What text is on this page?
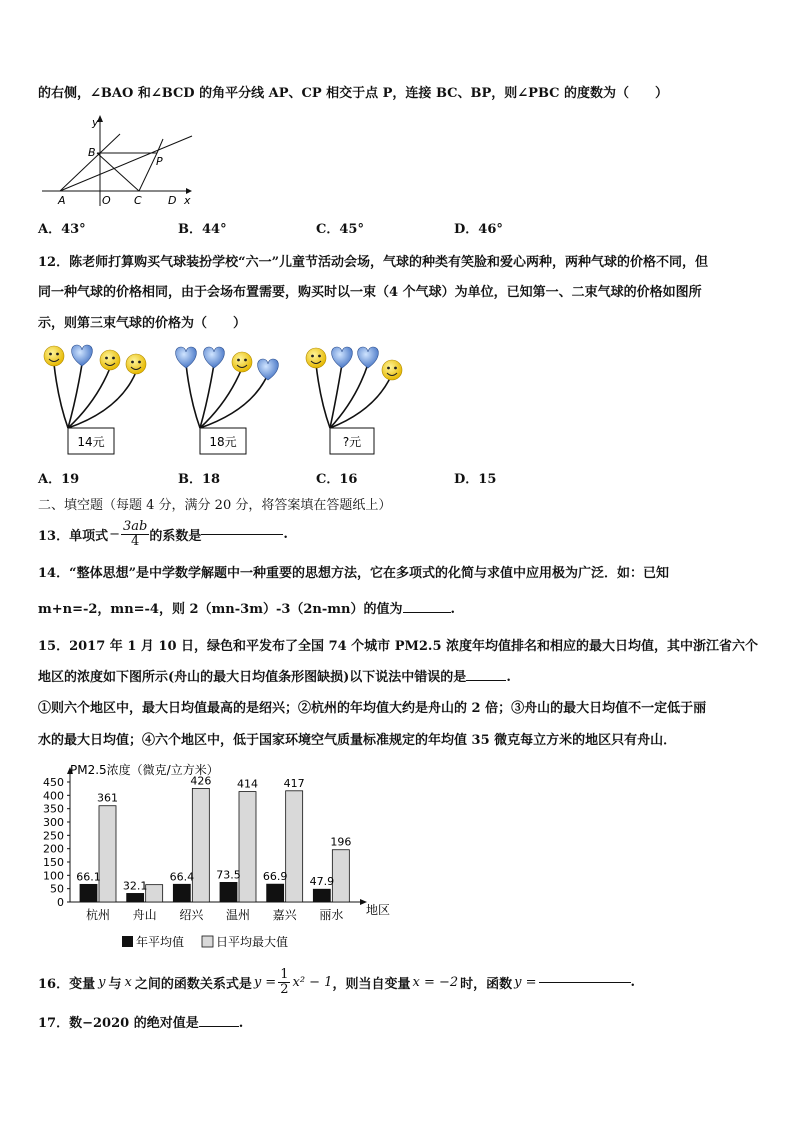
的右侧，∠BAO 和∠BCD 的角平分线 AP、CP 相交于点 P，连接 BC、BP，则∠PBC 的度数为（　　）
y
x
B
P
A	O C D
A．43°	B．44°	C．45°	D．46°
12．陈老师打算购买气球装扮学校“六一”儿童节活动会场，气球的种类有笑脸和爱心两种，两种气球的价格不同，但
同一种气球的价格相同，由于会场布置需要，购买时以一束（4 个气球）为单位，已知第一、二束气球的价格如图所
示，则第三束气球的价格为（　　）
14元	18元	?元
A．19	B．18	C．16	D．15
二、填空题（每题 4 分，满分 20 分，将答案填在答题纸上）
13．单项式 − $\frac{3ab}{4}$ 的系数是	.
14．“整体思想”是中学数学解题中一种重要的思想方法，它在多项式的化简与求值中应用极为广泛．如：已知
m+n=-2，mn=-4，则 2（mn-3m）-3（2n-mn）的值为	.
15．2017 年 1 月 10 日，绿色和平发布了全国 74 个城市 PM2.5 浓度年均值排名和相应的最大日均值，其中浙江省六个
地区的浓度如下图所示(舟山的最大日均值条形图缺损)以下说法中错误的是	.
①则六个地区中，最大日均值最高的是绍兴；②杭州的年均值大约是舟山的 2 倍；③舟山的最大日均值不一定低于丽
水的最大日均值；④六个地区中，低于国家环境空气质量标准规定的年均值 35 微克每立方米的地区只有舟山．
0
50
100
150
200
250
300
350
400
450
66.1
361
杭州
32.1
舟山
66.4
426
绍兴
73.5
414
温州
66.9
417
嘉兴
47.9
196
丽水
PM2.5浓度（微克/立方米）
地区
年平均值	日平均最大值
16．变量 y 与 x 之间的函数关系式是 $y = \frac{1}{2} x^2 - 1$ ，则当自变量 x = −2 时，函数 y =	.
17．数−2020 的绝对值是	.
